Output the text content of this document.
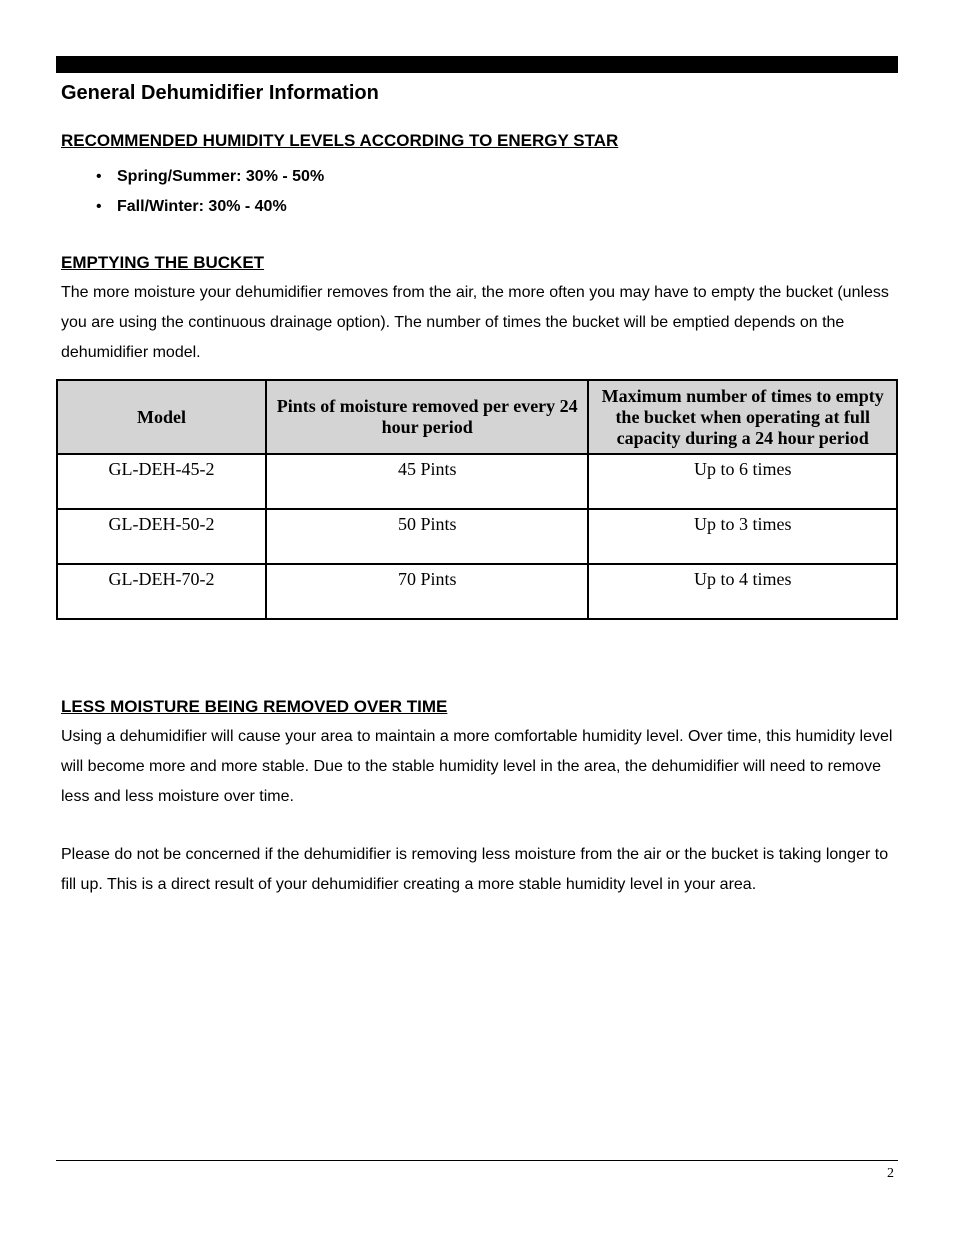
General Dehumidifier Information
RECOMMENDED HUMIDITY LEVELS ACCORDING TO ENERGY STAR
• Spring/Summer: 30% - 50%
• Fall/Winter: 30% - 40%
EMPTYING THE BUCKET

The more moisture your dehumidifier removes from the air, the more often you may have to empty the bucket (unless you are using the continuous drainage option). The number of times the bucket will be emptied depends on the dehumidifier model.

Model	Pints of moisture removed per every 24 hour period	Maximum number of times to empty the bucket when operating at full capacity during a 24 hour period
GL-DEH-45-2	45 Pints	Up to 6 times
GL-DEH-50-2	50 Pints	Up to 3 times
GL-DEH-70-2	70 Pints	Up to 4 times
LESS MOISTURE BEING REMOVED OVER TIME

Using a dehumidifier will cause your area to maintain a more comfortable humidity level. Over time, this humidity level will become more and more stable. Due to the stable humidity level in the area, the dehumidifier will need to remove less and less moisture over time.

Please do not be concerned if the dehumidifier is removing less moisture from the air or the bucket is taking longer to fill up. This is a direct result of your dehumidifier creating a more stable humidity level in your area.

2
